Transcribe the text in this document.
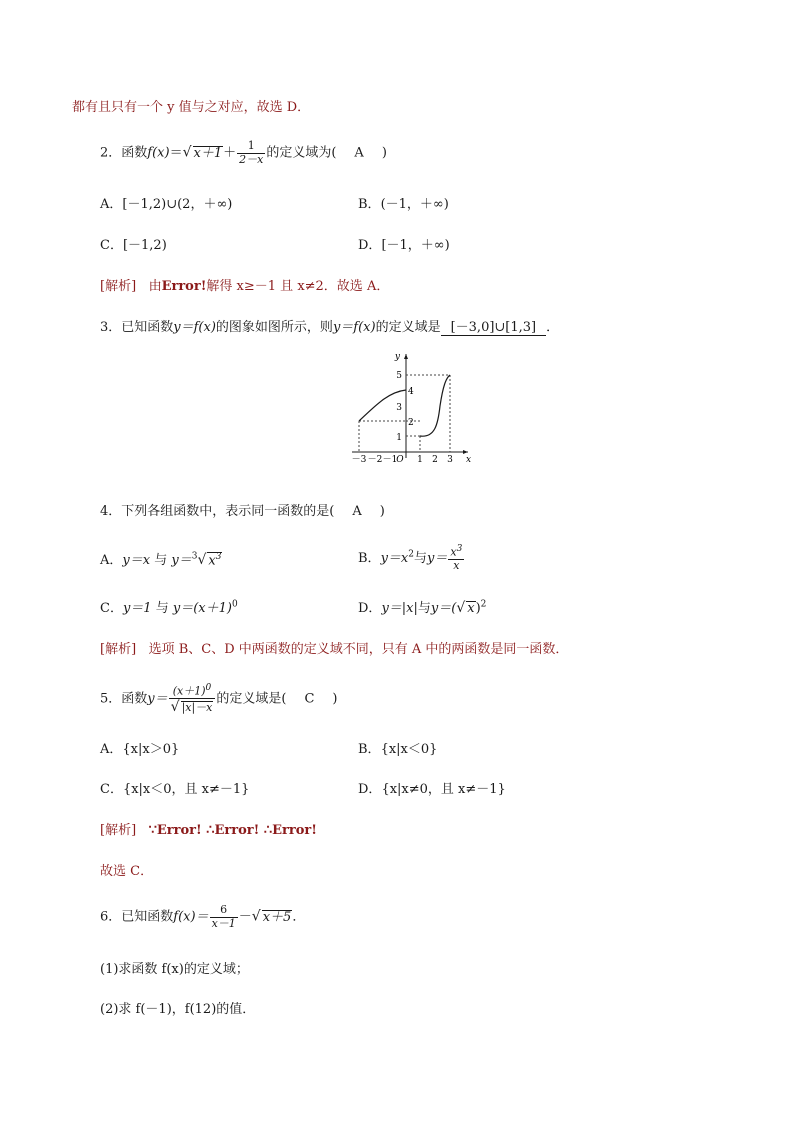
都有且只有一个 y 值与之对应，故选 D．
2．函数f(x)＝√ $x+1+ \frac{1}{2-x}$ 的定义域为( A )
A．[－1,2)∪(2，＋∞)	B．(－1，＋∞)
C．[－1,2)	D．[－1，＋∞)
[解析] 由Error!解得 x≥－1 且 x≠2．故选 A．
3．已知函数y＝f(x)的图象如图所示，则y＝f(x)的定义域是 [－3,0]∪[1,3] ．
y
x
5
4
3
2
1
－3 －2 －1
O 1 2 3
4．下列各组函数中，表示同一函数的是( A )
A．y＝x 与 y＝$^3$√ $x^3$	B．$y=x^2$与$y= \frac{x^3}{x}$
C．y＝1 与 $y=(x+1)^0$	D．y＝|x|与y＝(√ x)$^2$
[解析] 选项 B、C、D 中两函数的定义域不同，只有 A 中的两函数是同一函数．
5．函数$y= \frac{(x+1)^0}{√ |x|-x}$ 的定义域是( C )
A．{x|x＞0}	B．{x|x＜0}
C．{x|x＜0，且 x≠－1}	D．{x|x≠0，且 x≠－1}
[解析] ∵Error! ∴Error! ∴Error!
故选 C．
6．已知函数$f(x)= \frac{6}{x-1}$ －√ x＋5．
(1)求函数 f(x)的定义域；
(2)求 f(－1)，f(12)的值．
